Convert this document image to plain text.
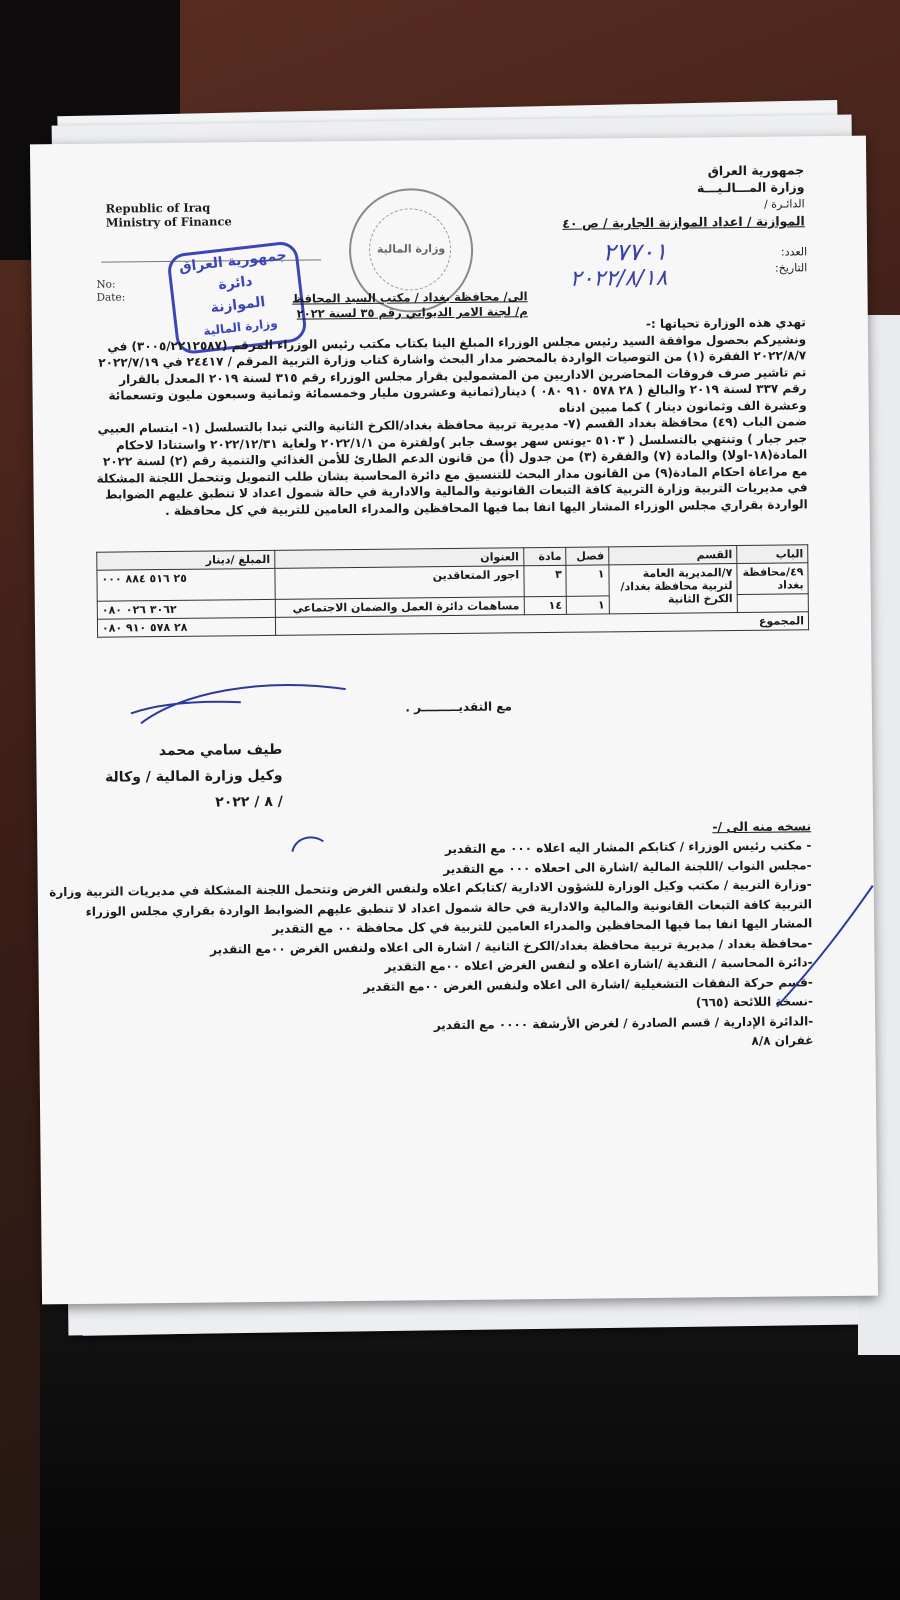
Republic of Iraq
Ministry of Finance
No:
Date:
جمهورية العراق
دائرة
الموازنة
وزارة المالية
وزارة المالية
جمهورية العراق
وزارة المـــالـيـــة
الدائـرة /
الموازنة / اعداد الموازنة الجارية / ص ٤٠
العدد:
التاريخ:
٢٧٧٠١
٢٠٢٢/٨/١٨
الى/ محافظة بغداد / مكتب السيد المحافظ
م/ لجنة الامر الديواني رقم ٣٥ لسنة ٢٠٢٢

تهدي هذه الوزارة تحياتها :-

ونشيركم بحصول موافقة السيد رئيس مجلس الوزراء المبلغ الينا بكتاب مكتب رئيس الوزراء المرقم (٣٠٠٥/٢٢١٢٥٨٧) في ٢٠٢٢/٨/٧ الفقرة (١) من التوصيات الواردة بالمحضر مدار البحث واشارة كتاب وزارة التربية المرقم / ٢٤٤١٧ في ٢٠٢٢/٧/١٩

تم تاشير صرف فروقات المحاضرين الاداريين من المشمولين بقرار مجلس الوزراء رقم ٣١٥ لسنة ٢٠١٩ المعدل بالقرار رقم ٣٣٧ لسنة ٢٠١٩ والبالغ ( ٢٨ ٥٧٨ ٩١٠ ٠٨٠ ) دينار(ثمانية وعشرون مليار وخمسمائة وثمانية وسبعون مليون وتسعمائة وعشرة الف وثمانون دينار ) كما مبين ادناه

ضمن الباب (٤٩) محافظة بغداد القسم (٧- مديرية تربية محافظة بغداد/الكرخ الثانية والتي تبدا بالتسلسل (١- ابتسام العبيي جبر جبار ) وتنتهي بالتسلسل ( ٥١٠٣ -يونس سهر يوسف جابر )ولفترة من ٢٠٢٢/١/١ ولغاية ٢٠٢٢/١٢/٣١ واستنادا لاحكام المادة(١٨-اولا) والمادة (٧) والفقرة (٣) من جدول (أ) من قانون الدعم الطارئ للأمن الغذائي والتنمية رقم (٢) لسنة ٢٠٢٢ مع مراعاة احكام المادة(٩) من القانون مدار البحث للتنسيق مع دائرة المحاسبة بشان طلب التمويل وتتحمل اللجنة المشكلة في مديريات التربية وزارة التربية كافة التبعات القانونية والمالية والادارية في حالة شمول اعداد لا تنطبق عليهم الضوابط الواردة بقراري مجلس الوزراء المشار اليها انفا بما فيها المحافظين والمدراء العامين للتربية في كل محافظة .

الباب	القسم	فصل	مادة	العنوان	المبلغ /دينار
٤٩/محافظة بغداد	٧/المديرية العامة لتربية محافظة بغداد/الكرخ الثانية	١	٣	اجور المتعاقدين	٢٥ ٥١٦ ٨٨٤ ٠٠٠
		١	١٤	مساهمات دائرة العمل والضمان الاجتماعي	٣٠٦٢ ٠٢٦ ٠٨٠
المجموع					٢٨ ٥٧٨ ٩١٠ ٠٨٠
مع التقديـــــــــر .
طيف سامي محمد
وكيل وزارة المالية / وكالة
/ ٨ / ٢٠٢٢
نسخه منه الى /-
- مكتب رئيس الوزراء / كتابكم المشار اليه اعلاه ٠٠٠ مع التقدير
-مجلس النواب /اللجنة المالية /اشارة الى احعلاه ٠٠٠ مع التقدير
-وزارة التربية / مكتب وكيل الوزارة للشؤون الادارية /كتابكم اعلاه ولنفس الغرض وتتحمل اللجنة المشكلة في مديريات التربية وزارة التربية كافة التبعات القانونية والمالية والادارية في حالة شمول اعداد لا تنطبق عليهم الضوابط الواردة بقراري مجلس الوزراء المشار اليها انفا بما فيها المحافظين والمدراء العامين للتربية في كل محافظة ٠٠ مع التقدير
-محافظة بغداد / مديرية تربية محافظة بغداد/الكرخ الثانية / اشارة الى اعلاه ولنفس الغرض ٠٠مع التقدير
-دائرة المحاسبة / النقدية /اشارة اعلاه و لنفس الغرض اعلاه ٠٠مع التقدير
-قسم حركة النفقات التشغيلية /اشارة الى اعلاه ولنفس الغرض ٠٠مع التقدير
-نسخة اللائحة (٦٦٥)
-الدائرة الإدارية / قسم الصادرة / لغرض الأرشفة ٠٠٠٠ مع التقدير
غفران ٨/٨
